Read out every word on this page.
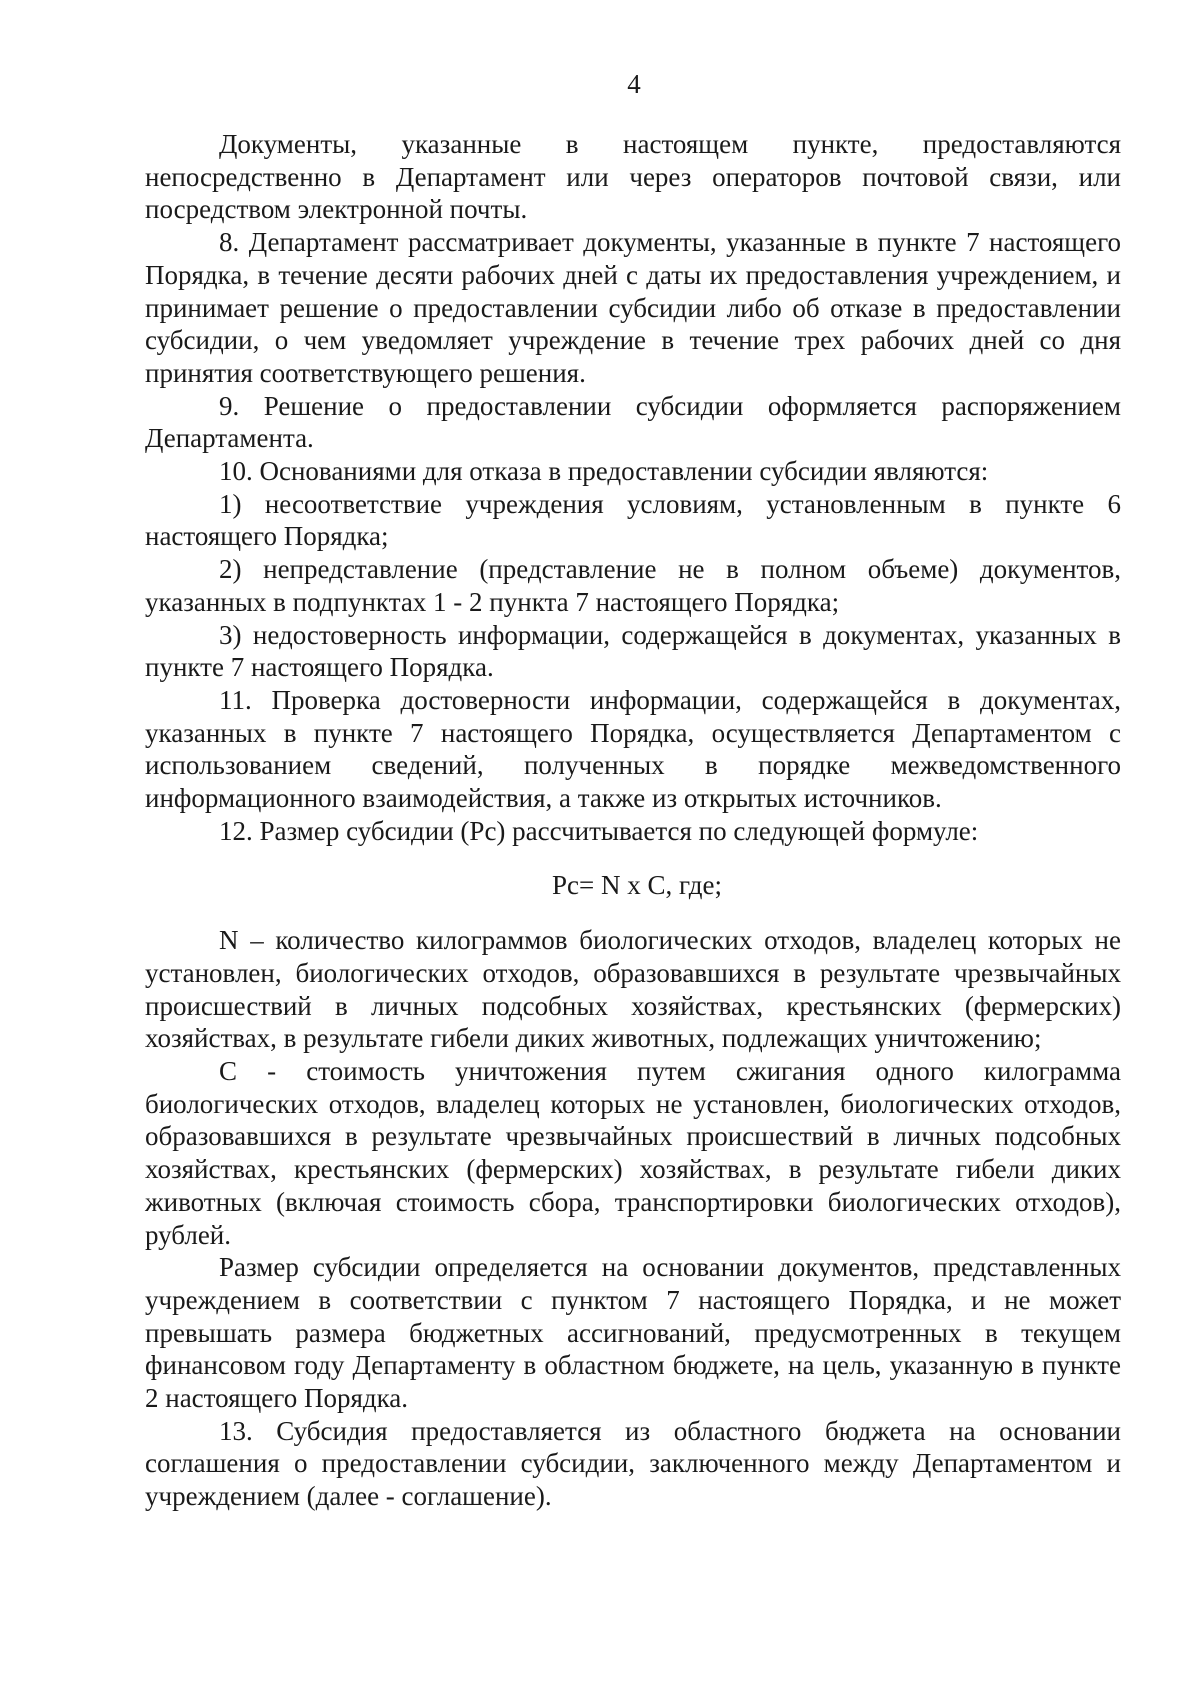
4

Документы, указанные в настоящем пункте, предоставляются непосредственно в Департамент или через операторов почтовой связи, или посредством электронной почты.

8. Департамент рассматривает документы, указанные в пункте 7 настоящего Порядка, в течение десяти рабочих дней с даты их предоставления учреждением, и принимает решение о предоставлении субсидии либо об отказе в предоставлении субсидии, о чем уведомляет учреждение в течение трех рабочих дней со дня принятия соответствующего решения.

9. Решение о предоставлении субсидии оформляется распоряжением Департамента.

10. Основаниями для отказа в предоставлении субсидии являются:

1) несоответствие учреждения условиям, установленным в пункте 6 настоящего Порядка;

2) непредставление (представление не в полном объеме) документов, указанных в подпунктах 1 - 2 пункта 7 настоящего Порядка;

3) недостоверность информации, содержащейся в документах, указанных в пункте 7 настоящего Порядка.

11. Проверка достоверности информации, содержащейся в документах, указанных в пункте 7 настоящего Порядка, осуществляется Департаментом с использованием сведений, полученных в порядке межведомственного информационного взаимодействия, а также из открытых источников.

12. Размер субсидии (Рс) рассчитывается по следующей формуле:

Рс= N х С, где;

N – количество килограммов биологических отходов, владелец которых не установлен, биологических отходов, образовавшихся в результате чрезвычайных происшествий в личных подсобных хозяйствах, крестьянских (фермерских) хозяйствах, в результате гибели диких животных, подлежащих уничтожению;

С - стоимость уничтожения путем сжигания одного килограмма биологических отходов, владелец которых не установлен, биологических отходов, образовавшихся в результате чрезвычайных происшествий в личных подсобных хозяйствах, крестьянских (фермерских) хозяйствах, в результате гибели диких животных (включая стоимость сбора, транспортировки биологических отходов), рублей.

Размер субсидии определяется на основании документов, представленных учреждением в соответствии с пунктом 7 настоящего Порядка, и не может превышать размера бюджетных ассигнований, предусмотренных в текущем финансовом году Департаменту в областном бюджете, на цель, указанную в пункте 2 настоящего Порядка.

13. Субсидия предоставляется из областного бюджета на основании соглашения о предоставлении субсидии, заключенного между Департаментом и учреждением (далее - соглашение).
